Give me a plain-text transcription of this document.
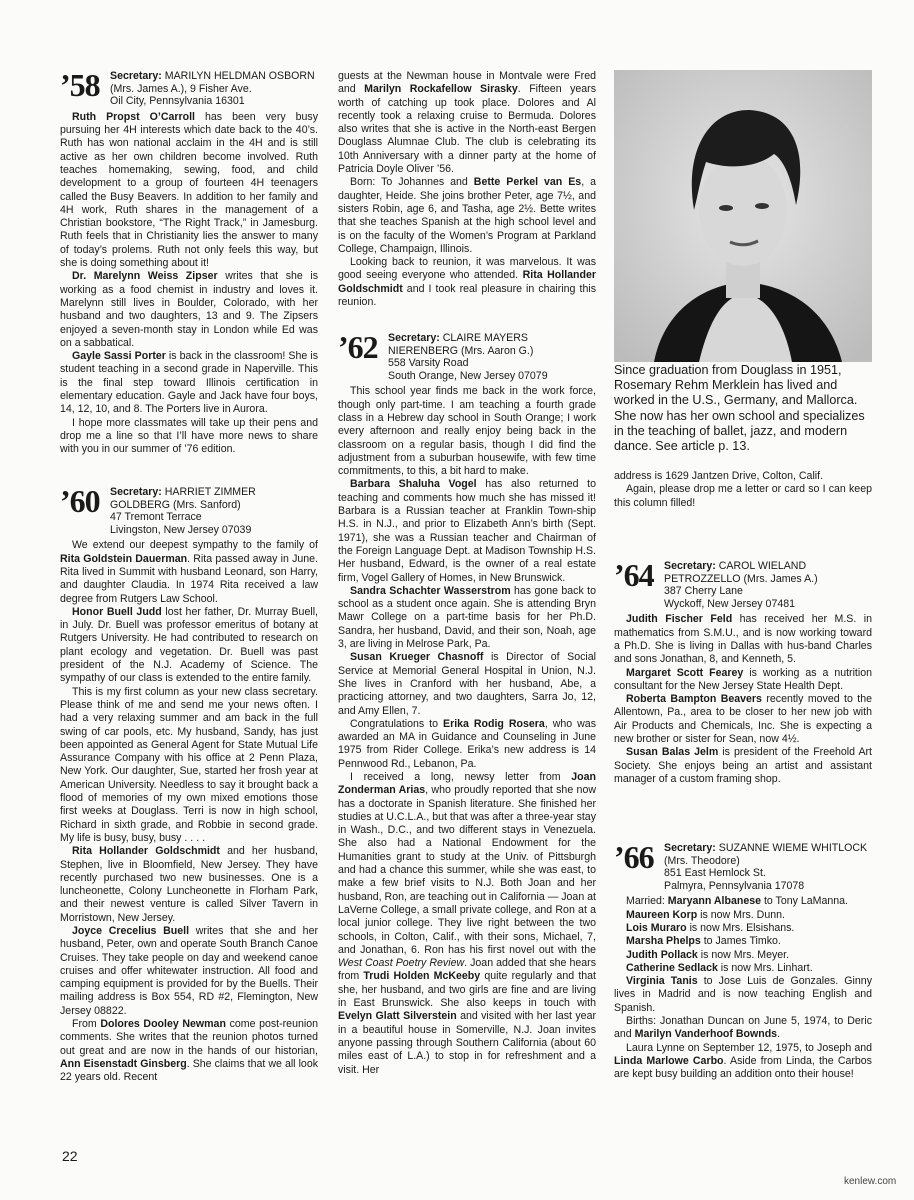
’58 Secretary: MARILYN HELDMAN OSBORN (Mrs. James A.), 9 Fisher Ave.
Oil City, Pennsylvania 16301

Ruth Propst O’Carroll has been very busy pursuing her 4H interests which date back to the 40’s. Ruth has won national acclaim in the 4H and is still active as her own children become involved. Ruth teaches homemaking, sewing, food, and child development to a group of fourteen 4H teenagers called the Busy Beavers. In addition to her family and 4H work, Ruth shares in the management of a Christian bookstore, “The Right Track,” in Jamesburg. Ruth feels that in Christianity lies the answer to many of today’s prolems. Ruth not only feels this way, but she is doing something about it!

Dr. Marelynn Weiss Zipser writes that she is working as a food chemist in industry and loves it. Marelynn still lives in Boulder, Colorado, with her husband and two daughters, 13 and 9. The Zipsers enjoyed a seven-month stay in London while Ed was on a sabbatical.

Gayle Sassi Porter is back in the classroom! She is student teaching in a second grade in Naperville. This is the final step toward Illinois certification in elementary education. Gayle and Jack have four boys, 14, 12, 10, and 8. The Porters live in Aurora.

I hope more classmates will take up their pens and drop me a line so that I’ll have more news to share with you in our summer of ’76 edition.

’60 Secretary: HARRIET ZIMMER GOLDBERG (Mrs. Sanford)
47 Tremont Terrace
Livingston, New Jersey 07039

We extend our deepest sympathy to the family of Rita Goldstein Dauerman. Rita passed away in June. Rita lived in Summit with husband Leonard, son Harry, and daughter Claudia. In 1974 Rita received a law degree from Rutgers Law School.

Honor Buell Judd lost her father, Dr. Murray Buell, in July. Dr. Buell was professor emeritus of botany at Rutgers University. He had contributed to research on plant ecology and vegetation. Dr. Buell was past president of the N.J. Academy of Science. The sympathy of our class is extended to the entire family.

This is my first column as your new class secretary. Please think of me and send me your news often. I had a very relaxing summer and am back in the full swing of car pools, etc. My husband, Sandy, has just been appointed as General Agent for State Mutual Life Assurance Company with his office at 2 Penn Plaza, New York. Our daughter, Sue, started her frosh year at American University. Needless to say it brought back a flood of memories of my own mixed emotions those first weeks at Douglass. Terri is now in high school, Richard in sixth grade, and Robbie in second grade. My life is busy, busy, busy . . . .

Rita Hollander Goldschmidt and her husband, Stephen, live in Bloomfield, New Jersey. They have recently purchased two new businesses. One is a luncheonette, Colony Luncheonette in Florham Park, and their newest venture is called Silver Tavern in Morristown, New Jersey.

Joyce Crecelius Buell writes that she and her husband, Peter, own and operate South Branch Canoe Cruises. They take people on day and weekend canoe cruises and offer whitewater instruction. All food and camping equipment is provided for by the Buells. Their mailing address is Box 554, RD #2, Flemington, New Jersey 08822.

From Dolores Dooley Newman come post-reunion comments. She writes that the reunion photos turned out great and are now in the hands of our historian, Ann Eisenstadt Ginsberg. She claims that we all look 22 years old. Recent

guests at the Newman house in Montvale were Fred and Marilyn Rockafellow Sirasky. Fifteen years worth of catching up took place. Dolores and Al recently took a relaxing cruise to Bermuda. Dolores also writes that she is active in the North-east Bergen Douglass Alumnae Club. The club is celebrating its 10th Anniversary with a dinner party at the home of Patricia Doyle Oliver ’56.

Born: To Johannes and Bette Perkel van Es, a daughter, Heide. She joins brother Peter, age 7½, and sisters Robin, age 6, and Tasha, age 2½. Bette writes that she teaches Spanish at the high school level and is on the faculty of the Women’s Program at Parkland College, Champaign, Illinois.

Looking back to reunion, it was marvelous. It was good seeing everyone who attended. Rita Hollander Goldschmidt and I took real pleasure in chairing this reunion.

’62 Secretary: CLAIRE MAYERS NIERENBERG (Mrs. Aaron G.)
558 Varsity Road
South Orange, New Jersey 07079

This school year finds me back in the work force, though only part-time. I am teaching a fourth grade class in a Hebrew day school in South Orange; I work every afternoon and really enjoy being back in the classroom on a regular basis, though I did find the adjustment from a suburban housewife, with few time commitments, to this, a bit hard to make.

Barbara Shaluha Vogel has also returned to teaching and comments how much she has missed it! Barbara is a Russian teacher at Franklin Town-ship H.S. in N.J., and prior to Elizabeth Ann’s birth (Sept. 1971), she was a Russian teacher and Chairman of the Foreign Language Dept. at Madison Township H.S. Her husband, Edward, is the owner of a real estate firm, Vogel Gallery of Homes, in New Brunswick.

Sandra Schachter Wasserstrom has gone back to school as a student once again. She is attending Bryn Mawr College on a part-time basis for her Ph.D. Sandra, her husband, David, and their son, Noah, age 3, are living in Melrose Park, Pa.

Susan Krueger Chasnoff is Director of Social Service at Memorial General Hospital in Union, N.J. She lives in Cranford with her husband, Abe, a practicing attorney, and two daughters, Sarra Jo, 12, and Amy Ellen, 7.

Congratulations to Erika Rodig Rosera, who was awarded an MA in Guidance and Counseling in June 1975 from Rider College. Erika’s new address is 14 Pennwood Rd., Lebanon, Pa.

I received a long, newsy letter from Joan Zonderman Arias, who proudly reported that she now has a doctorate in Spanish literature. She finished her studies at U.C.L.A., but that was after a three-year stay in Wash., D.C., and two different stays in Venezuela. She also had a National Endowment for the Humanities grant to study at the Univ. of Pittsburgh and had a chance this summer, while she was east, to make a few brief visits to N.J. Both Joan and her husband, Ron, are teaching out in California — Joan at LaVerne College, a small private college, and Ron at a local junior college. They live right between the two schools, in Colton, Calif., with their sons, Michael, 7, and Jonathan, 6. Ron has his first novel out with the West Coast Poetry Review. Joan added that she hears from Trudi Holden McKeeby quite regularly and that she, her husband, and two girls are fine and are living in East Brunswick. She also keeps in touch with Evelyn Glatt Silverstein and visited with her last year in a beautiful house in Somerville, N.J. Joan invites anyone passing through Southern California (about 60 miles east of L.A.) to stop in for refreshment and a visit. Her

Since graduation from Douglass in 1951, Rosemary Rehm Merklein has lived and worked in the U.S., Germany, and Mallorca. She now has her own school and specializes in the teaching of ballet, jazz, and modern dance. See article p. 13.

address is 1629 Jantzen Drive, Colton, Calif.

Again, please drop me a letter or card so I can keep this column filled!

’64 Secretary: CAROL WIELAND PETROZZELLO (Mrs. James A.)
387 Cherry Lane
Wyckoff, New Jersey 07481

Judith Fischer Feld has received her M.S. in mathematics from S.M.U., and is now working toward a Ph.D. She is living in Dallas with hus-band Charles and sons Jonathan, 8, and Kenneth, 5.

Margaret Scott Fearey is working as a nutrition consultant for the New Jersey State Health Dept.

Roberta Bampton Beavers recently moved to the Allentown, Pa., area to be closer to her new job with Air Products and Chemicals, Inc. She is expecting a new brother or sister for Sean, now 4½.

Susan Balas Jelm is president of the Freehold Art Society. She enjoys being an artist and assistant manager of a custom framing shop.

’66 Secretary: SUZANNE WIEME WHITLOCK (Mrs. Theodore)
851 East Hemlock St.
Palmyra, Pennsylvania 17078

Married: Maryann Albanese to Tony LaManna.

Maureen Korp is now Mrs. Dunn.

Lois Muraro is now Mrs. Elsishans.

Marsha Phelps to James Timko.

Judith Pollack is now Mrs. Meyer.

Catherine Sedlack is now Mrs. Linhart.

Virginia Tanis to Jose Luis de Gonzales. Ginny lives in Madrid and is now teaching English and Spanish.

Births: Jonathan Duncan on June 5, 1974, to Deric and Marilyn Vanderhoof Bownds.

Laura Lynne on September 12, 1975, to Joseph and Linda Marlowe Carbo. Aside from Linda, the Carbos are kept busy building an addition onto their house!

22
kenlew.com
